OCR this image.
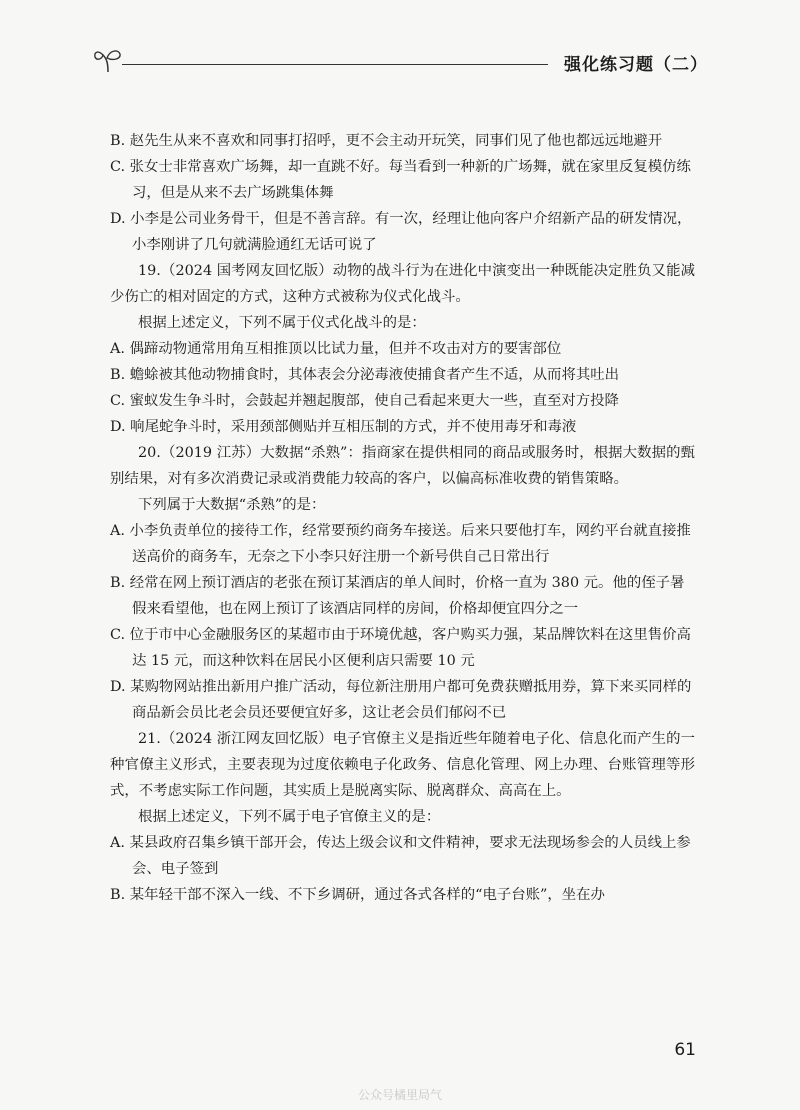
强化练习题（二）

B. 赵先生从来不喜欢和同事打招呼，更不会主动开玩笑，同事们见了他也都远远地避开

C. 张女士非常喜欢广场舞，却一直跳不好。每当看到一种新的广场舞，就在家里反复模仿练习，但是从来不去广场跳集体舞

D. 小李是公司业务骨干，但是不善言辞。有一次，经理让他向客户介绍新产品的研发情况，小李刚讲了几句就满脸通红无话可说了

19.（2024 国考网友回忆版）动物的战斗行为在进化中演变出一种既能决定胜负又能减少伤亡的相对固定的方式，这种方式被称为仪式化战斗。

根据上述定义，下列不属于仪式化战斗的是：

A. 偶蹄动物通常用角互相推顶以比试力量，但并不攻击对方的要害部位

B. 蟾蜍被其他动物捕食时，其体表会分泌毒液使捕食者产生不适，从而将其吐出

C. 蜜蚁发生争斗时，会鼓起并翘起腹部，使自己看起来更大一些，直至对方投降

D. 响尾蛇争斗时，采用颈部侧贴并互相压制的方式，并不使用毒牙和毒液

20.（2019 江苏）大数据“杀熟”：指商家在提供相同的商品或服务时，根据大数据的甄别结果，对有多次消费记录或消费能力较高的客户，以偏高标准收费的销售策略。

下列属于大数据“杀熟”的是：

A. 小李负责单位的接待工作，经常要预约商务车接送。后来只要他打车，网约平台就直接推送高价的商务车，无奈之下小李只好注册一个新号供自己日常出行

B. 经常在网上预订酒店的老张在预订某酒店的单人间时，价格一直为 380 元。他的侄子暑假来看望他，也在网上预订了该酒店同样的房间，价格却便宜四分之一

C. 位于市中心金融服务区的某超市由于环境优越，客户购买力强，某品牌饮料在这里售价高达 15 元，而这种饮料在居民小区便利店只需要 10 元

D. 某购物网站推出新用户推广活动，每位新注册用户都可免费获赠抵用券，算下来买同样的商品新会员比老会员还要便宜好多，这让老会员们郁闷不已

21.（2024 浙江网友回忆版）电子官僚主义是指近些年随着电子化、信息化而产生的一种官僚主义形式，主要表现为过度依赖电子化政务、信息化管理、网上办理、台账管理等形式，不考虑实际工作问题，其实质上是脱离实际、脱离群众、高高在上。

根据上述定义，下列不属于电子官僚主义的是：

A. 某县政府召集乡镇干部开会，传达上级会议和文件精神，要求无法现场参会的人员线上参会、电子签到

B. 某年轻干部不深入一线、不下乡调研，通过各式各样的“电子台账”，坐在办

61
公众号橘里局气
